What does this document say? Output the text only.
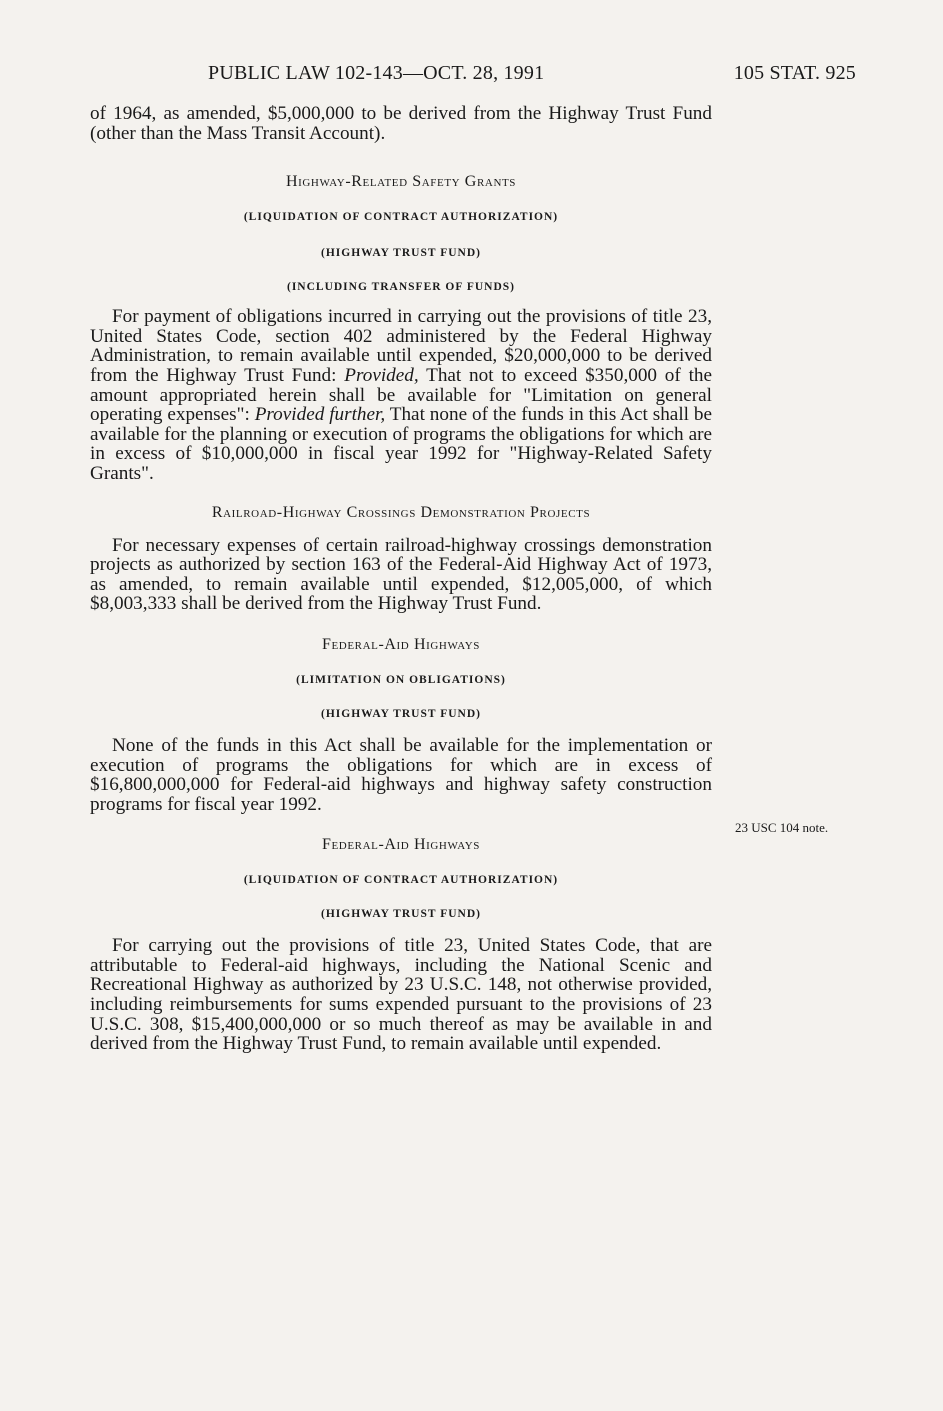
PUBLIC LAW 102-143—OCT. 28, 1991	105 STAT. 925
23 USC 104 note.

of 1964, as amended, $5,000,000 to be derived from the Highway Trust Fund (other than the Mass Transit Account).

Highway-Related Safety Grants

(LIQUIDATION OF CONTRACT AUTHORIZATION)

(HIGHWAY TRUST FUND)

(INCLUDING TRANSFER OF FUNDS)

For payment of obligations incurred in carrying out the provisions of title 23, United States Code, section 402 administered by the Federal Highway Administration, to remain available until expended, $20,000,000 to be derived from the Highway Trust Fund: Provided, That not to exceed $350,000 of the amount appropriated herein shall be available for "Limitation on general operating expenses": Provided further, That none of the funds in this Act shall be available for the planning or execution of programs the obligations for which are in excess of $10,000,000 in fiscal year 1992 for "Highway-Related Safety Grants".

Railroad-Highway Crossings Demonstration Projects

For necessary expenses of certain railroad-highway crossings demonstration projects as authorized by section 163 of the Federal-Aid Highway Act of 1973, as amended, to remain available until expended, $12,005,000, of which $8,003,333 shall be derived from the Highway Trust Fund.

Federal-Aid Highways

(LIMITATION ON OBLIGATIONS)

(HIGHWAY TRUST FUND)

None of the funds in this Act shall be available for the implementation or execution of programs the obligations for which are in excess of $16,800,000,000 for Federal-aid highways and highway safety construction programs for fiscal year 1992.

Federal-Aid Highways

(LIQUIDATION OF CONTRACT AUTHORIZATION)

(HIGHWAY TRUST FUND)

For carrying out the provisions of title 23, United States Code, that are attributable to Federal-aid highways, including the National Scenic and Recreational Highway as authorized by 23 U.S.C. 148, not otherwise provided, including reimbursements for sums expended pursuant to the provisions of 23 U.S.C. 308, $15,400,000,000 or so much thereof as may be available in and derived from the Highway Trust Fund, to remain available until expended.
